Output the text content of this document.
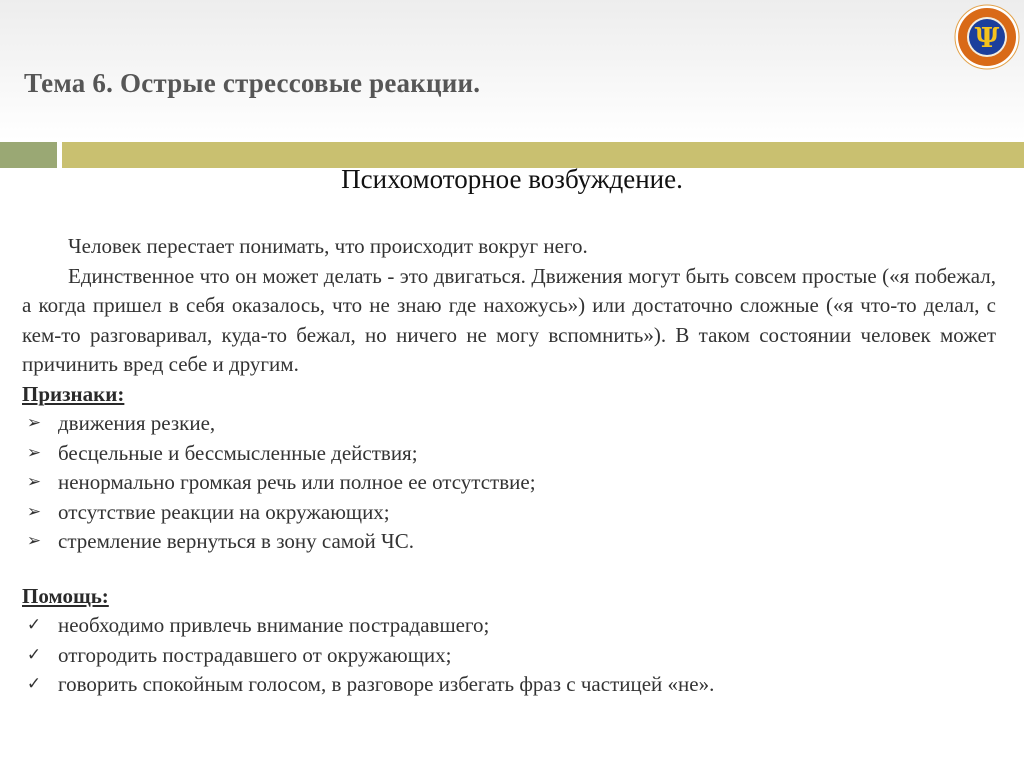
Тема 6. Острые стрессовые реакции.
Ψ
Психомоторное возбуждение.

Человек перестает понимать, что происходит вокруг него.

Единственное что он может делать - это двигаться. Движения могут быть совсем простые («я побежал, а когда пришел в себя оказалось, что не знаю где нахожусь») или достаточно сложные («я что-то делал, с кем-то разговаривал, куда-то бежал, но ничего не могу вспомнить»). В таком состоянии человек может причинить вред себе и другим.

Признаки:

➢ движения резкие,
➢ бесцельные и бессмысленные действия;
➢ ненормально громкая речь или полное ее отсутствие;
➢ отсутствие реакции на окружающих;
➢ стремление вернуться в зону самой ЧС.

Помощь:

✓ необходимо привлечь внимание пострадавшего;
✓ отгородить пострадавшего от окружающих;
✓ говорить спокойным голосом, в разговоре избегать фраз с частицей «не».
